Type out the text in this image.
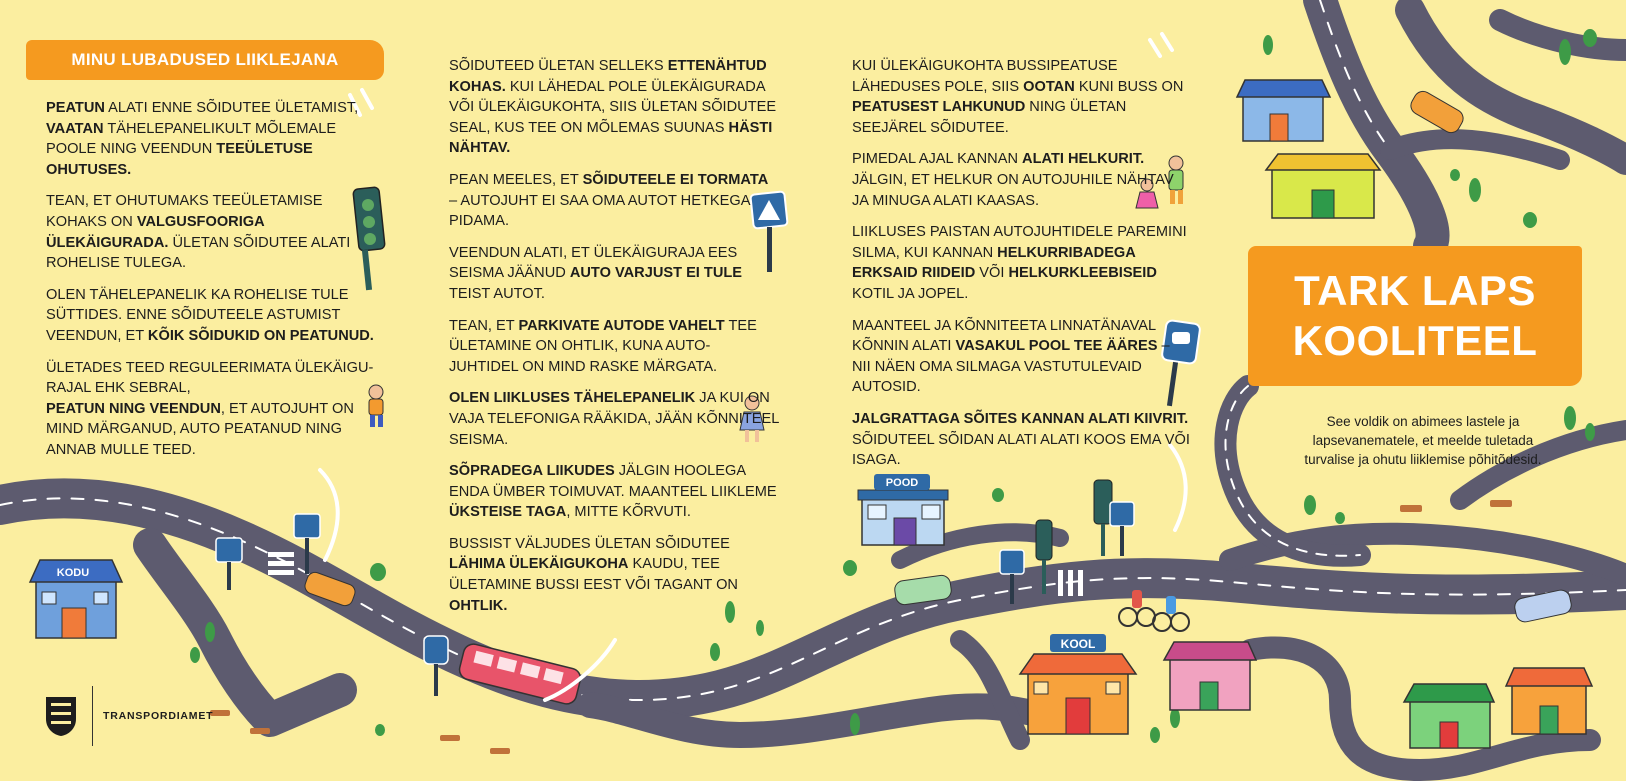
KODU
POOD
KOOL
MINU LUBADUSED LIIKLEJANA

PEATUN ALATI ENNE SÕIDUTEE ÜLETAMIST, VAATAN TÄHELEPANELIKULT MÕLEMALE POOLE NING VEENDUN TEEÜLETUSE OHUTUSES.

TEAN, ET OHUTUMAKS TEEÜLETAMISE KOHAKS ON VALGUSFOORIGA ÜLEKÄIGURADA. ÜLETAN SÕIDUTEE ALATI ROHELISE TULEGA.

OLEN TÄHELEPANELIK KA ROHELISE TULE SÜTTIDES. ENNE SÕIDUTEELE ASTUMIST VEENDUN, ET KÕIK SÕIDUKID ON PEATUNUD.

ÜLETADES TEED REGULEERIMATA ÜLEKÄIGU-RAJAL EHK SEBRAL,
PEATUN NING VEENDUN, ET AUTOJUHT ON MIND MÄRGANUD, AUTO PEATANUD NING ANNAB MULLE TEED.

SÕIDUTEED ÜLETAN SELLEKS ETTENÄHTUD KOHAS. KUI LÄHEDAL POLE ÜLEKÄIGURADA VÕI ÜLEKÄIGUKOHTA, SIIS ÜLETAN SÕIDUTEE SEAL, KUS TEE ON MÕLEMAS SUUNAS HÄSTI NÄHTAV.

PEAN MEELES, ET SÕIDUTEELE EI TORMATA – AUTOJUHT EI SAA OMA AUTOT HETKEGA PIDAMA.

VEENDUN ALATI, ET ÜLEKÄIGURAJA EES SEISMA JÄÄNUD AUTO VARJUST EI TULE TEIST AUTOT.

TEAN, ET PARKIVATE AUTODE VAHELT TEE ÜLETAMINE ON OHTLIK, KUNA AUTO-JUHTIDEL ON MIND RASKE MÄRGATA.

OLEN LIIKLUSES TÄHELEPANELIK JA KUI ON VAJA TELEFONIGA RÄÄKIDA, JÄÄN KÕNNITEEL SEISMA.

SÕPRADEGA LIIKUDES JÄLGIN HOOLEGA ENDA ÜMBER TOIMUVAT. MAANTEEL LIIKLEME ÜKSTEISE TAGA, MITTE KÕRVUTI.

BUSSIST VÄLJUDES ÜLETAN SÕIDUTEE LÄHIMA ÜLEKÄIGUKOHA KAUDU, TEE ÜLETAMINE BUSSI EEST VÕI TAGANT ON OHTLIK.

KUI ÜLEKÄIGUKOHTA BUSSIPEATUSE LÄHEDUSES POLE, SIIS OOTAN KUNI BUSS ON PEATUSEST LAHKUNUD NING ÜLETAN SEEJÄREL SÕIDUTEE.

PIMEDAL AJAL KANNAN ALATI HELKURIT. JÄLGIN, ET HELKUR ON AUTOJUHILE NÄHTAV JA MINUGA ALATI KAASAS.

LIIKLUSES PAISTAN AUTOJUHTIDELE PAREMINI SILMA, KUI KANNAN HELKURRIBADEGA ERKSAID RIIDEID VÕI HELKURKLEEBISEID KOTIL JA JOPEL.

MAANTEEL JA KÕNNITEETA LINNATÄNAVAL KÕNNIN ALATI VASAKUL POOL TEE ÄÄRES – NII NÄEN OMA SILMAGA VASTUTULEVAID AUTOSID.

JALGRATTAGA SÕITES KANNAN ALATI KIIVRIT. SÕIDUTEEL SÕIDAN ALATI ALATI KOOS EMA VÕI ISAGA.

TARK LAPS
KOOLITEEL
See voldik on abimees lastele ja lapsevanematele, et meelde tuletada turvalise ja ohutu liiklemise põhitõdesid.
TRANSPORDIAMET
